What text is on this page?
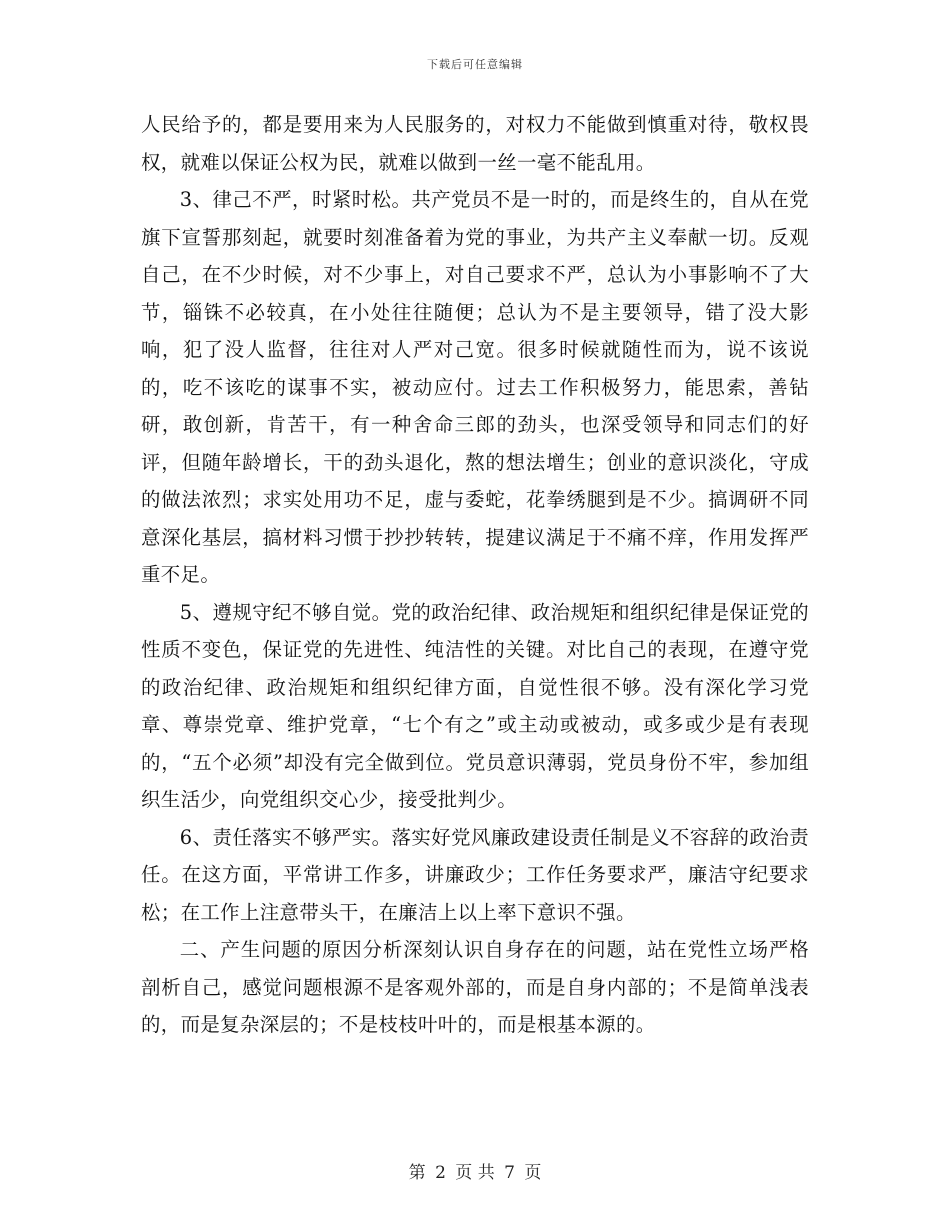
下载后可任意编辑

人民给予的，都是要用来为人民服务的，对权力不能做到慎重对待，敬权畏权，就难以保证公权为民，就难以做到一丝一毫不能乱用。

3、律己不严，时紧时松。共产党员不是一时的，而是终生的，自从在党旗下宣誓那刻起，就要时刻准备着为党的事业，为共产主义奉献一切。反观自己，在不少时候，对不少事上，对自己要求不严，总认为小事影响不了大节，锱铢不必较真，在小处往往随便；总认为不是主要领导，错了没大影响，犯了没人监督，往往对人严对己宽。很多时候就随性而为，说不该说的，吃不该吃的谋事不实，被动应付。过去工作积极努力，能思索，善钻研，敢创新，肯苦干，有一种舍命三郎的劲头，也深受领导和同志们的好评，但随年龄增长，干的劲头退化，熬的想法增生；创业的意识淡化，守成的做法浓烈；求实处用功不足，虚与委蛇，花拳绣腿到是不少。搞调研不同意深化基层，搞材料习惯于抄抄转转，提建议满足于不痛不痒，作用发挥严重不足。

5、遵规守纪不够自觉。党的政治纪律、政治规矩和组织纪律是保证党的性质不变色，保证党的先进性、纯洁性的关键。对比自己的表现，在遵守党的政治纪律、政治规矩和组织纪律方面，自觉性很不够。没有深化学习党章、尊崇党章、维护党章，“七个有之”或主动或被动，或多或少是有表现的，“五个必须”却没有完全做到位。党员意识薄弱，党员身份不牢，参加组织生活少，向党组织交心少，接受批判少。

6、责任落实不够严实。落实好党风廉政建设责任制是义不容辞的政治责任。在这方面，平常讲工作多，讲廉政少；工作任务要求严，廉洁守纪要求松；在工作上注意带头干，在廉洁上以上率下意识不强。

二、产生问题的原因分析深刻认识自身存在的问题，站在党性立场严格剖析自己，感觉问题根源不是客观外部的，而是自身内部的；不是简单浅表的，而是复杂深层的；不是枝枝叶叶的，而是根基本源的。

第 2 页 共 7 页
